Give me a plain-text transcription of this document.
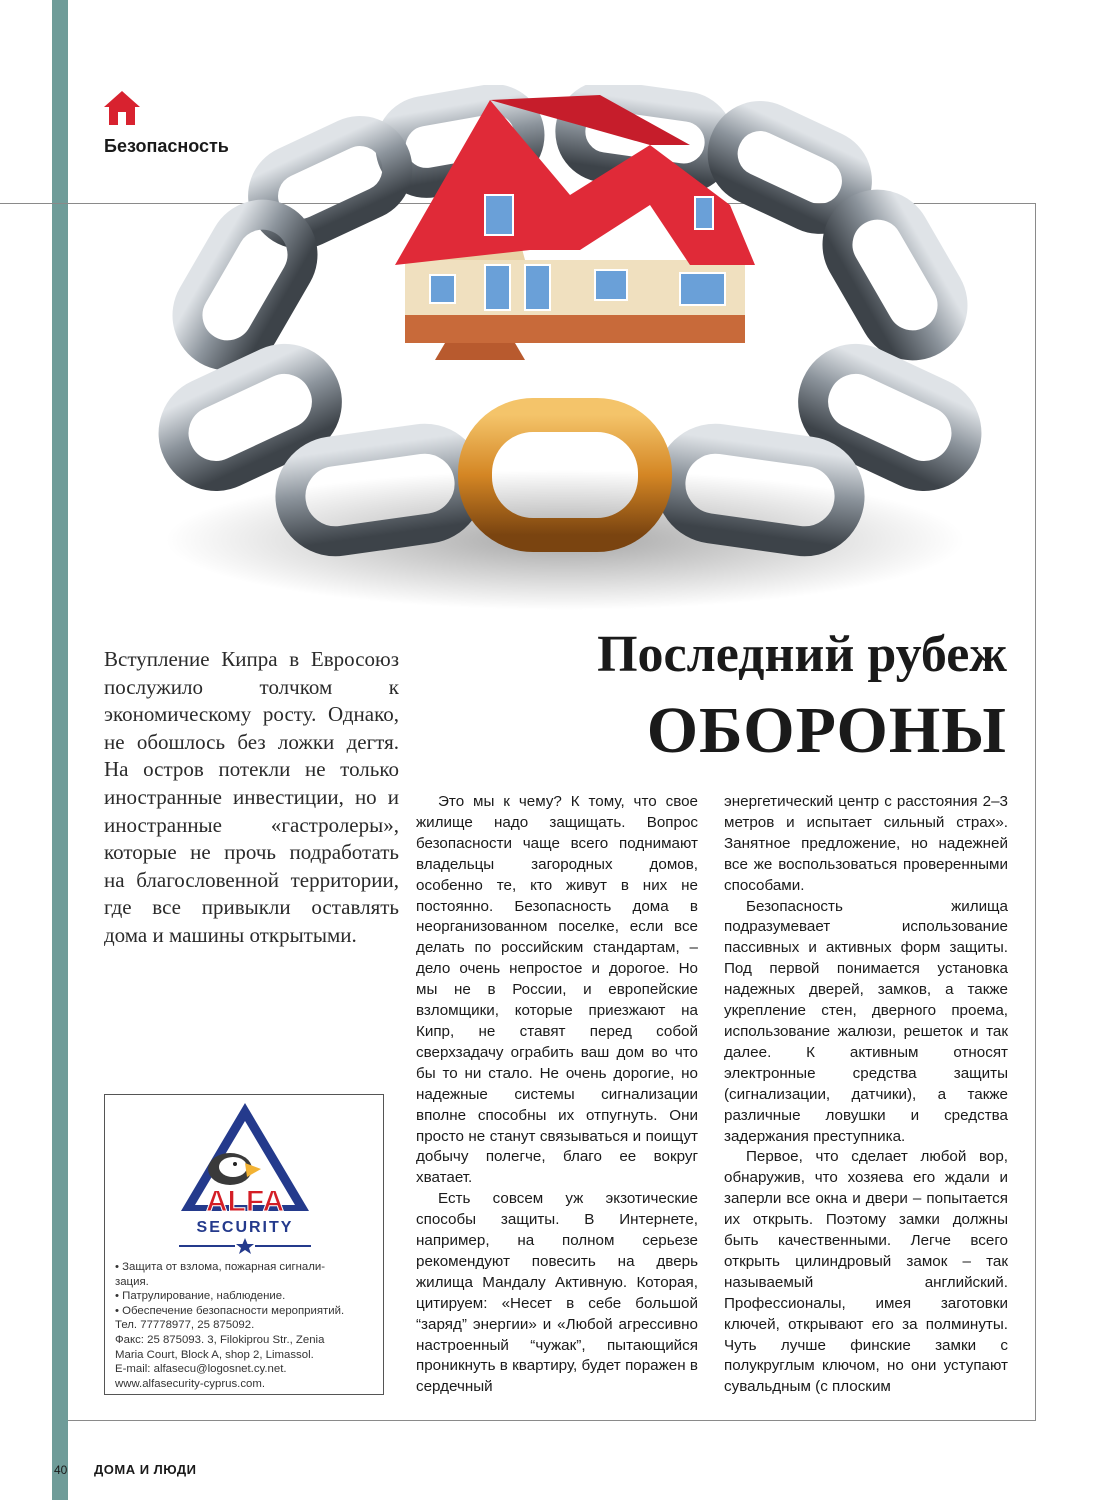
Безопасность
Вступление Кипра в Евросоюз послужило толчком к экономическому росту. Однако, не обошлось без ложки дегтя. На остров потекли не только иностранные инвестиции, но и иностранные «гастролеры», которые не прочь подработать на благословенной территории, где все привыкли оставлять дома и машины открытыми.
Последний рубеж
ОБОРОНЫ

Это мы к чему? К тому, что свое жилище надо защищать. Вопрос безопасности чаще всего поднимают владельцы загородных домов, особенно те, кто живут в них не постоянно. Безопасность дома в неорганизованном поселке, если все делать по российским стандартам, – дело очень непростое и дорогое. Но мы не в России, и европейские взломщики, которые приезжают на Кипр, не ставят перед собой сверхзадачу ограбить ваш дом во что бы то ни стало. Не очень дорогие, но надежные системы сигнализации вполне способны их отпугнуть. Они просто не станут связываться и поищут добычу полегче, благо ее вокруг хватает.

Есть совсем уж экзотические способы защиты. В Интернете, например, на полном серьезе рекомендуют повесить на дверь жилища Мандалу Активную. Которая, цитируем: «Несет в себе большой “заряд” энергии» и «Любой агрессивно настроенный “чужак”, пытающийся проникнуть в квартиру, будет поражен в сердечный

энергетический центр с расстояния 2–3 метров и испытает сильный страх». Занятное предложение, но надежней все же воспользоваться проверенными способами.

Безопасность жилища подразумевает использование пассивных и активных форм защиты. Под первой понимается установка надежных дверей, замков, а также укрепление стен, дверного проема, использование жалюзи, решеток и так далее. К активным относят электронные средства защиты (сигнализации, датчики), а также различные ловушки и средства задержания преступника.

Первое, что сделает любой вор, обнаружив, что хозяева его ждали и заперли все окна и двери – попытается их открыть. Поэтому замки должны быть качественными. Легче всего открыть цилиндровый замок – так называемый английский. Профессионалы, имея заготовки ключей, открывают его за полминуты. Чуть лучше финские замки с полукруглым ключом, но они уступают сувальдным (с плоским

ALFA
SECURITY
• Защита от взлома, пожарная сигнали-
зация.
• Патрулирование, наблюдение.
• Обеспечение безопасности мероприятий.
Тел. 77778977, 25 875092.
Факс: 25 875093. 3, Filokiprou Str., Zenia
Maria Court, Block A, shop 2, Limassol.
E-mail: alfasecu@logosnet.cy.net.
www.alfasecurity-cyprus.com.
40 ДОМА И ЛЮДИ
